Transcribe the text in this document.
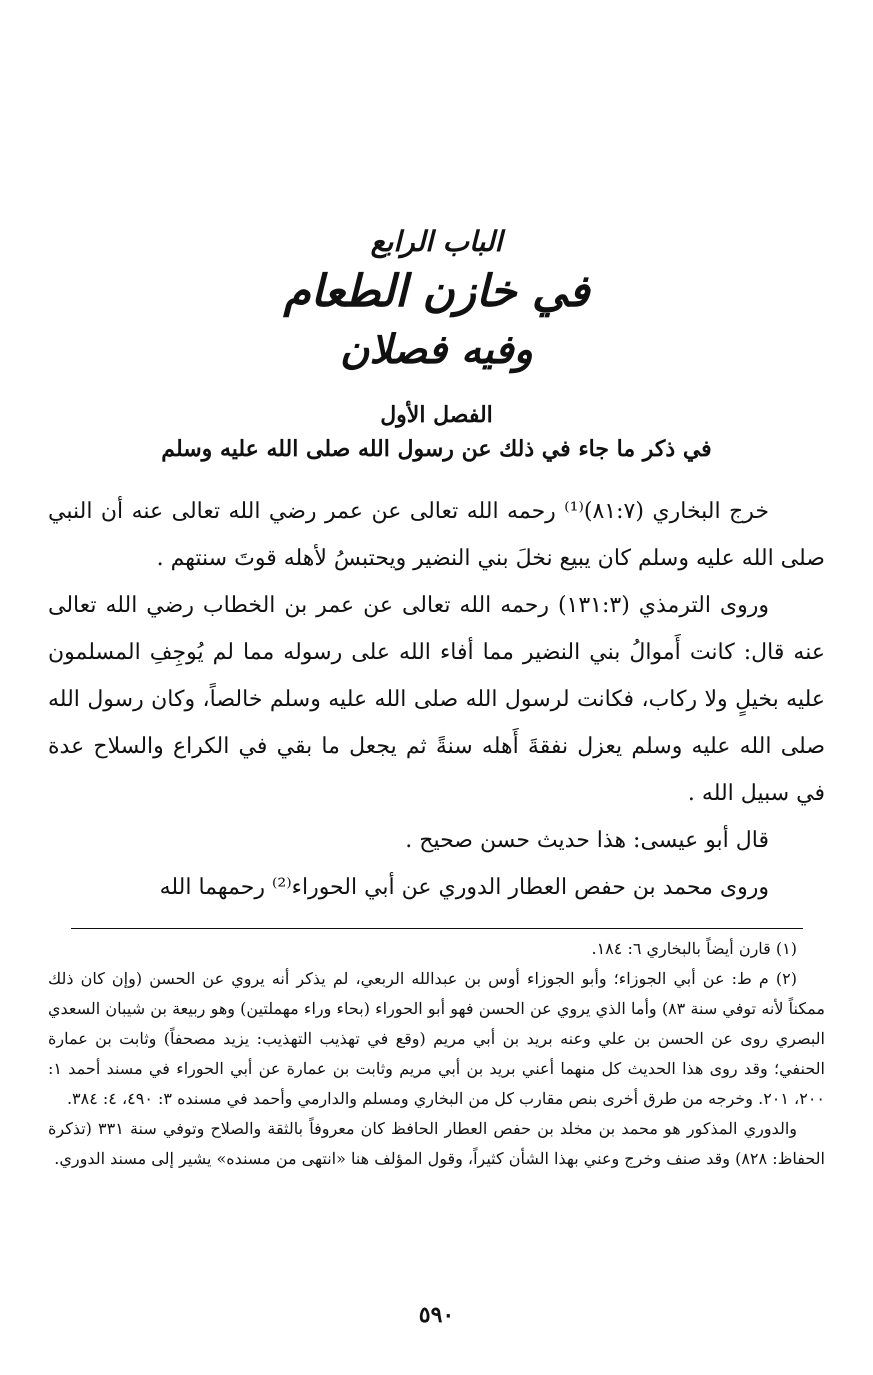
الباب الرابع
في خازن الطعام
وفيه فصلان
الفصل الأول
في ذكر ما جاء في ذلك عن رسول الله صلى الله عليه وسلم

خرج البخاري (٨١:٧)⁽¹⁾ رحمه الله تعالى عن عمر رضي الله تعالى عنه أن النبي صلى الله عليه وسلم كان يبيع نخلَ بني النضير ويحتبسُ لأهله قوتَ سنتهم .

وروى الترمذي (١٣١:٣) رحمه الله تعالى عن عمر بن الخطاب رضي الله تعالى عنه قال: كانت أَموالُ بني النضير مما أفاء الله على رسوله مما لم يُوجِفِ المسلمون عليه بخيلٍ ولا ركاب، فكانت لرسول الله صلى الله عليه وسلم خالصاً، وكان رسول الله صلى الله عليه وسلم يعزل نفقةَ أَهله سنةً ثم يجعل ما بقي في الكراع والسلاح عدة في سبيل الله .

قال أبو عيسى: هذا حديث حسن صحيح .

وروى محمد بن حفص العطار الدوري عن أبي الحوراء⁽²⁾ رحمهما الله

(١) قارن أيضاً بالبخاري ٦: ١٨٤.

(٢) م ط: عن أبي الجوزاء؛ وأبو الجوزاء أوس بن عبدالله الربعي، لم يذكر أنه يروي عن الحسن (وإن كان ذلك ممكناً لأنه توفي سنة ٨٣) وأما الذي يروي عن الحسن فهو أبو الحوراء (بحاء وراء مهملتين) وهو ربيعة بن شيبان السعدي البصري روى عن الحسن بن علي وعنه بريد بن أبي مريم (وقع في تهذيب التهذيب: يزيد مصحفاً) وثابت بن عمارة الحنفي؛ وقد روى هذا الحديث كل منهما أعني بريد بن أبي مريم وثابت بن عمارة عن أبي الحوراء في مسند أحمد ١: ٢٠٠، ٢٠١. وخرجه من طرق أخرى بنص مقارب كل من البخاري ومسلم والدارمي وأحمد في مسنده ٣: ٤٩٠، ٤: ٣٨٤.

والدوري المذكور هو محمد بن مخلد بن حفص العطار الحافظ كان معروفاً بالثقة والصلاح وتوفي سنة ٣٣١ (تذكرة الحفاظ: ٨٢٨) وقد صنف وخرج وعني بهذا الشأن كثيراً، وقول المؤلف هنا «انتهى من مسنده» يشير إلى مسند الدوري.

٥٩٠
